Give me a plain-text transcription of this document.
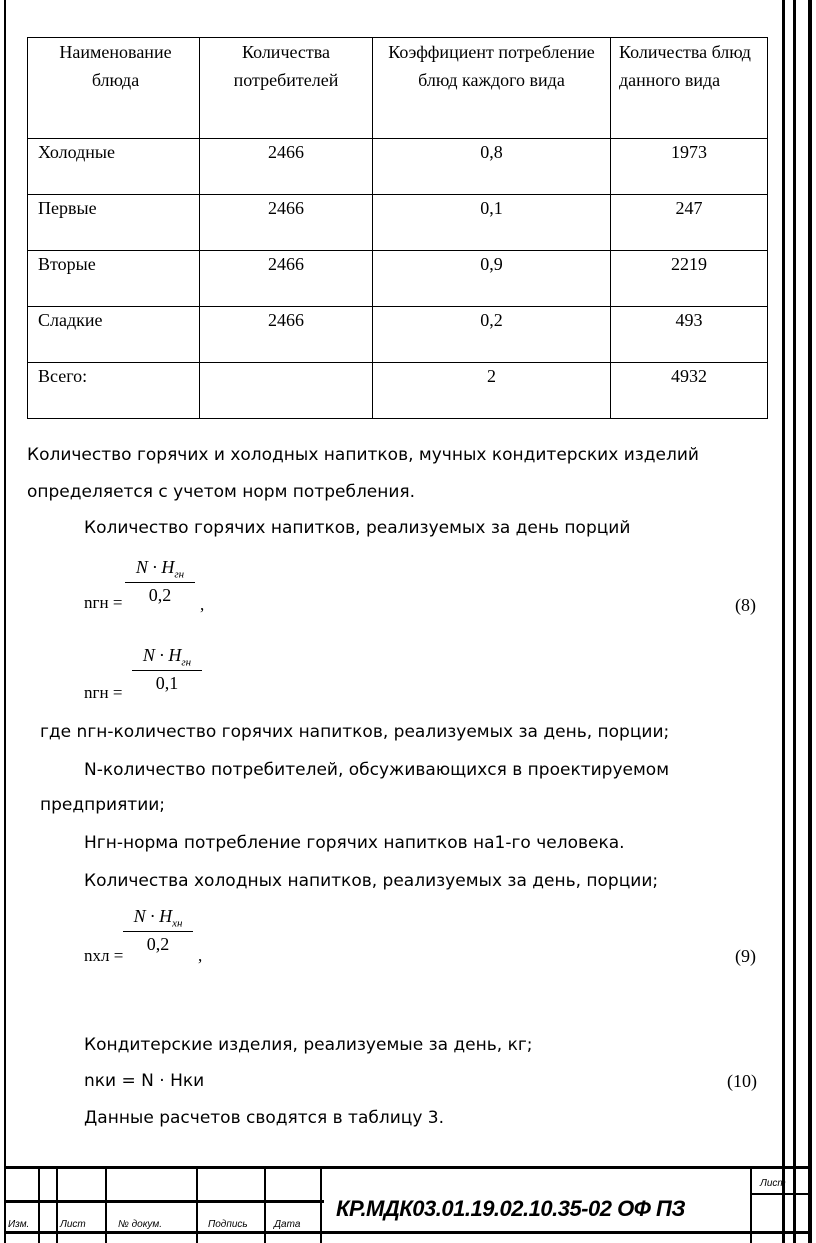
Наименование блюда	Количества потребителей	Коэффициент потребление блюд каждого вида	Количества блюд данного вида
Холодные	2466	0,8	1973
Первые	2466	0,1	247
Вторые	2466	0,9	2219
Сладкие	2466	0,2	493
Всего:		2	4932
Количество горячих и холодных напитков, мучных кондитерских изделий
определяется с учетом норм потребления.
Количество горячих напитков, реализуемых за день порций
nгн =
$N \cdot H_{гн}$
0,2	,	(8)
nгн =
$N \cdot H_{гн}$
0,1
где nгн-количество горячих напитков, реализуемых за день, порции;
N-количество потребителей, обсуживающихся в проектируемом
предприятии;
Нгн-норма потребление горячих напитков на1-го человека.
Количества холодных напитков, реализуемых за день, порции;
nхл =
$N \cdot H_{хн}$
0,2
,	(9)
Кондитерские изделия, реализуемые за день, кг;
nки = N · Hки	(10)
Данные расчетов сводятся в таблицу 3.
Изм.	Лист	№ докум.	Подпись	Дата
Лист
КР.МДК03.01.19.02.10.35-02 ОФ ПЗ
